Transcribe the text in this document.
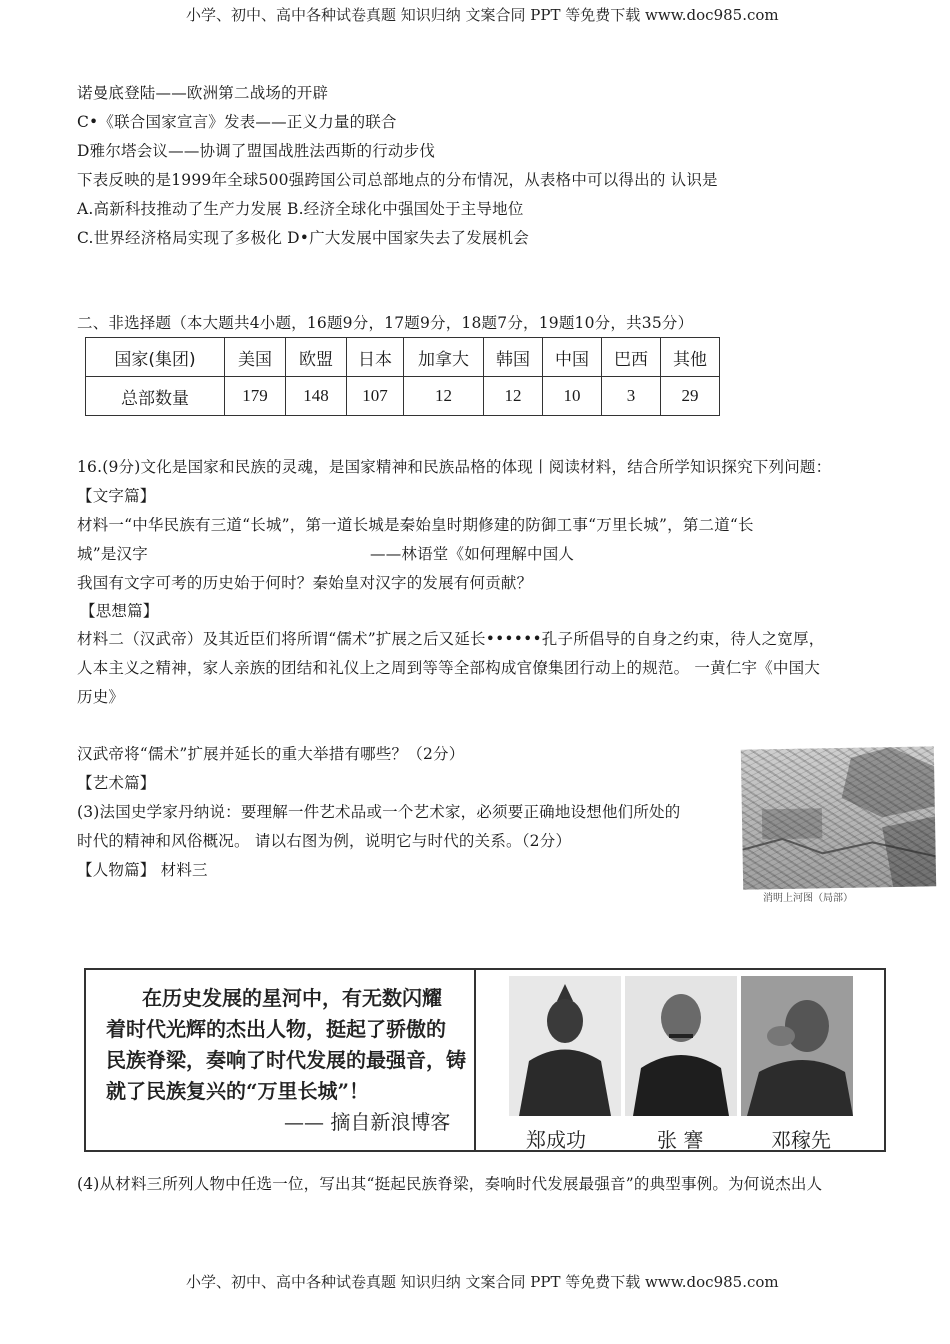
小学、初中、高中各种试卷真题 知识归纳 文案合同 PPT 等免费下载 www.doc985.com
诺曼底登陆——欧洲第二战场的开辟
C•《联合国家宣言》发表——正义力量的联合
D雅尔塔会议——协调了盟国战胜法西斯的行动步伐
下表反映的是1999年全球500强跨国公司总部地点的分布情况，从表格中可以得出的 认识是
A.高新科技推动了生产力发展 B.经济全球化中强国处于主导地位
C.世界经济格局实现了多极化 D•广大发展中国家失去了发展机会
二、非选择题（本大题共4小题，16题9分，17题9分，18题7分，19题10分，共35分）
国家(集团)	美国	欧盟	日本	加拿大	韩国	中国	巴西	其他
总部数量	179	148	107	12	12	10	3	29
16.(9分)文化是国家和民族的灵魂，是国家精神和民族品格的体现丨阅读材料，结合所学知识探究下列问题：
【文字篇】
材料一“中华民族有三道“长城”，第一道长城是秦始皇时期修建的防御工事“万里长城”，第二道“长
城”是汉字	——林语堂《如何理解中国人
我国有文字可考的历史始于何时？秦始皇对汉字的发展有何贡献？
【思想篇】
材料二（汉武帝）及其近臣们将所谓“儒术”扩展之后又延长••••••孔子所倡导的自身之约束，待人之宽厚，
人本主义之精神，家人亲族的团结和礼仪上之周到等等全部构成官僚集团行动上的规范。 一黄仁宇《中国大
历史》
汉武帝将“儒术”扩展并延长的重大举措有哪些？（2分）
【艺术篇】
(3)法国史学家丹纳说：要理解一件艺术品或一个艺术家，必须要正确地设想他们所处的
时代的精神和风俗概况。 请以右图为例，说明它与时代的关系。（2分）
【人物篇】 材料三
消明上河图（局部）
在历史发展的星河中，有无数闪耀
着时代光辉的杰出人物，挺起了骄傲的
民族脊梁，奏响了时代发展的最强音，铸
就了民族复兴的“万里长城”！
—— 摘自新浪博客
郑成功	张 謇	邓稼先
(4)从材料三所列人物中任选一位，写出其“挺起民族脊梁，奏响时代发展最强音”的典型事例。为何说杰出人
小学、初中、高中各种试卷真题 知识归纳 文案合同 PPT 等免费下载 www.doc985.com
